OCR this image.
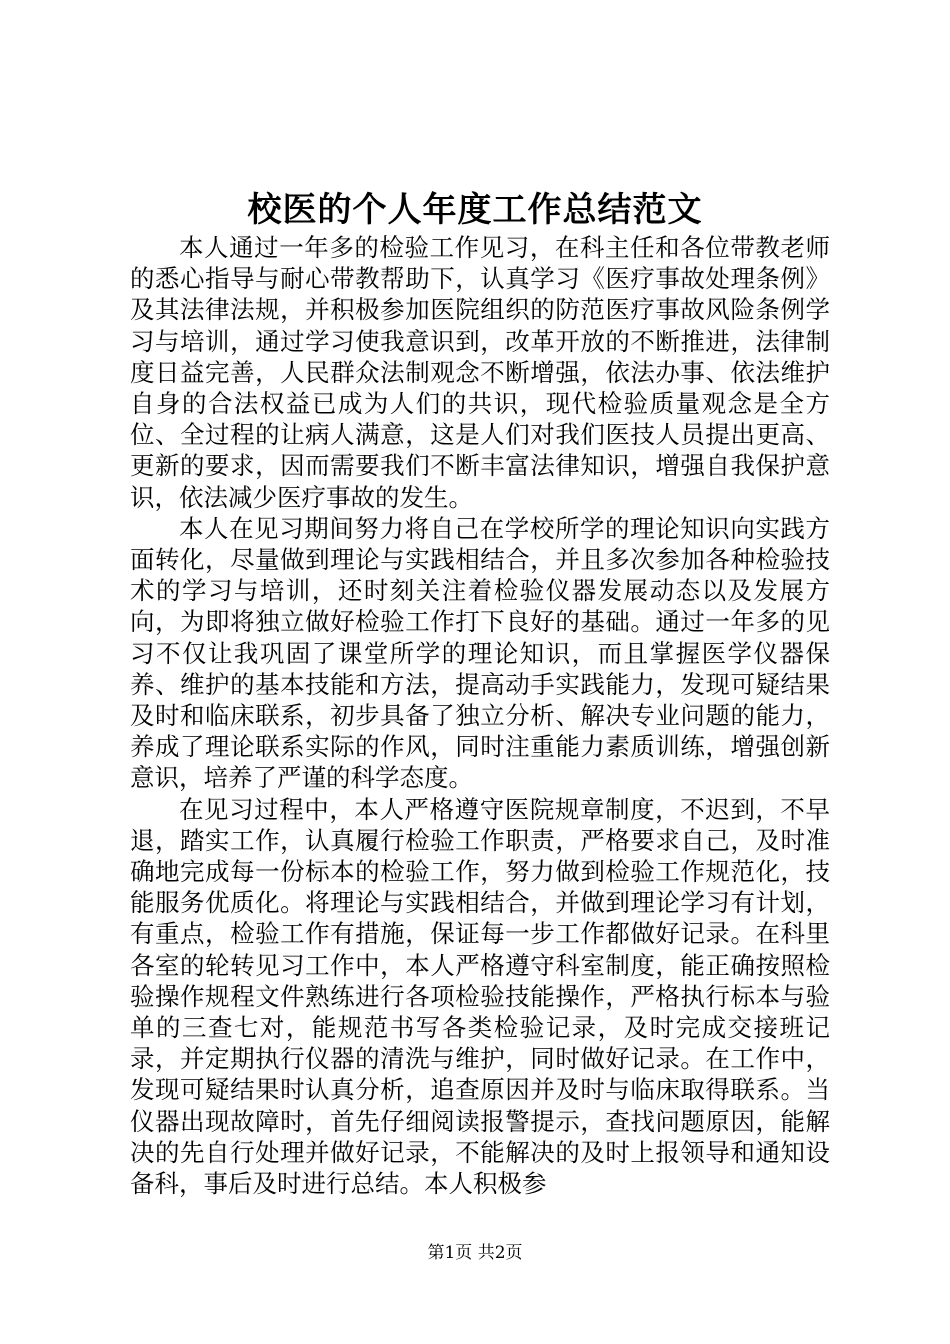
校医的个人年度工作总结范文

本人通过一年多的检验工作见习，在科主任和各位带教老师的悉心指导与耐心带教帮助下，认真学习《医疗事故处理条例》及其法律法规，并积极参加医院组织的防范医疗事故风险条例学习与培训，通过学习使我意识到，改革开放的不断推进，法律制度日益完善，人民群众法制观念不断增强，依法办事、依法维护自身的合法权益已成为人们的共识，现代检验质量观念是全方位、全过程的让病人满意，这是人们对我们医技人员提出更高、更新的要求，因而需要我们不断丰富法律知识，增强自我保护意识，依法减少医疗事故的发生。

本人在见习期间努力将自己在学校所学的理论知识向实践方面转化，尽量做到理论与实践相结合，并且多次参加各种检验技术的学习与培训，还时刻关注着检验仪器发展动态以及发展方向，为即将独立做好检验工作打下良好的基础。通过一年多的见习不仅让我巩固了课堂所学的理论知识，而且掌握医学仪器保养、维护的基本技能和方法，提高动手实践能力，发现可疑结果及时和临床联系，初步具备了独立分析、解决专业问题的能力，养成了理论联系实际的作风，同时注重能力素质训练，增强创新意识，培养了严谨的科学态度。

在见习过程中，本人严格遵守医院规章制度，不迟到，不早退，踏实工作，认真履行检验工作职责，严格要求自己，及时准确地完成每一份标本的检验工作，努力做到检验工作规范化，技能服务优质化。将理论与实践相结合，并做到理论学习有计划，有重点，检验工作有措施，保证每一步工作都做好记录。在科里各室的轮转见习工作中，本人严格遵守科室制度，能正确按照检验操作规程文件熟练进行各项检验技能操作，严格执行标本与验单的三查七对，能规范书写各类检验记录，及时完成交接班记录，并定期执行仪器的清洗与维护，同时做好记录。在工作中，发现可疑结果时认真分析，追查原因并及时与临床取得联系。当仪器出现故障时，首先仔细阅读报警提示，查找问题原因，能解决的先自行处理并做好记录，不能解决的及时上报领导和通知设备科，事后及时进行总结。本人积极参

第1页 共2页
